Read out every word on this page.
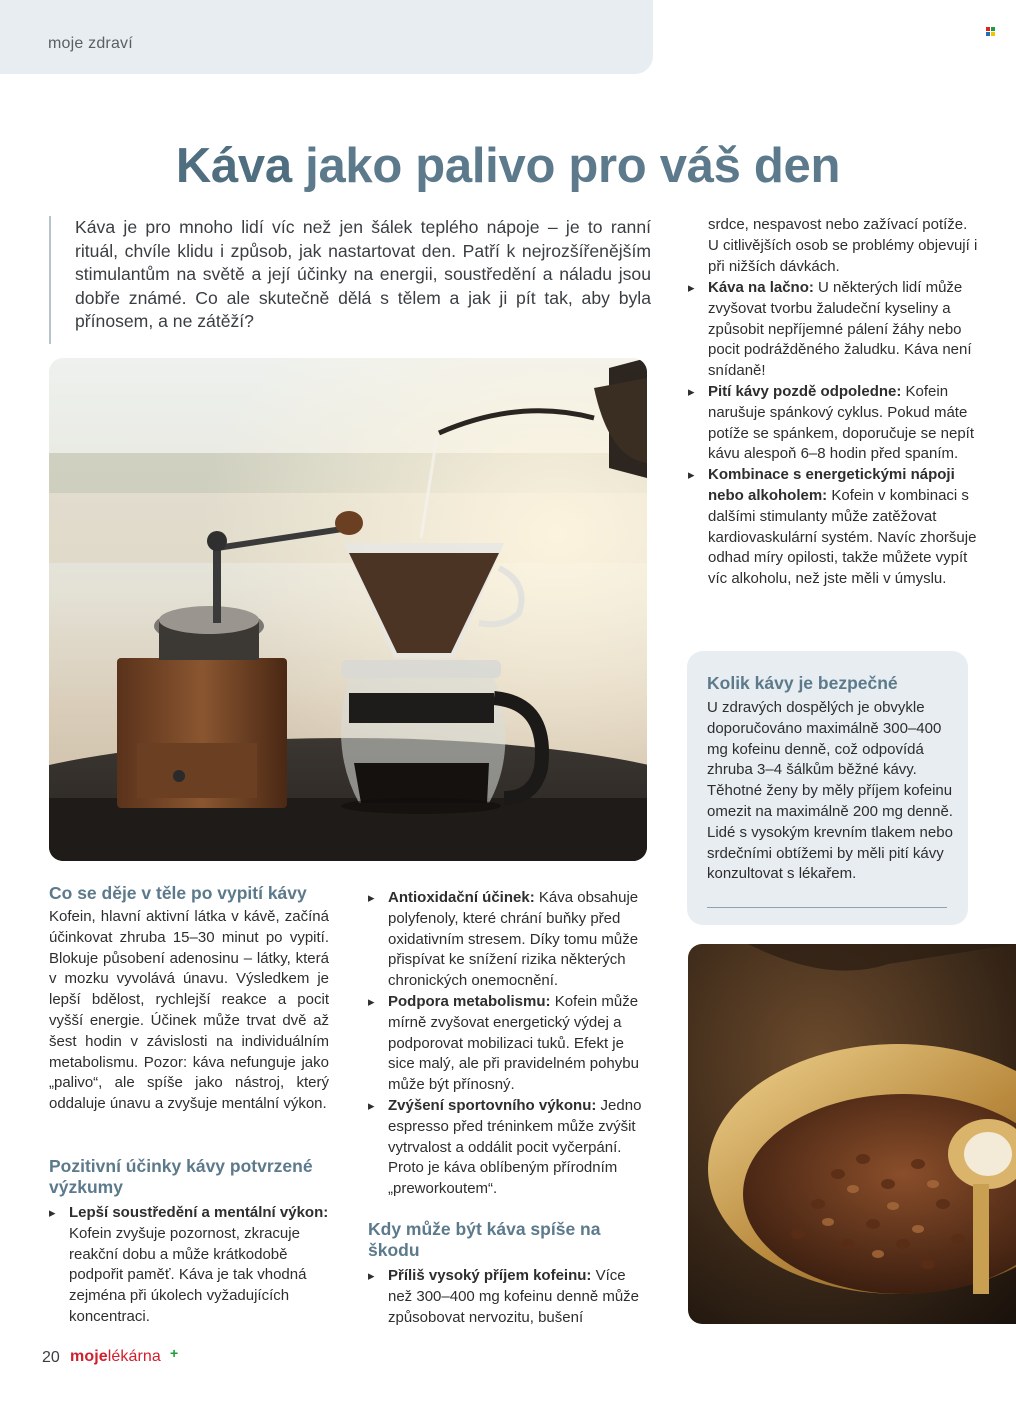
moje zdraví
Káva jako palivo pro váš den

Káva je pro mnoho lidí víc než jen šálek teplého nápoje – je to ranní rituál, chvíle klidu i způsob, jak nastartovat den. Patří k nejrozšířenějším stimulantům na světě a její účinky na energii, soustředění a náladu jsou dobře známé. Co ale skutečně dělá s tělem a jak ji pít tak, aby byla přínosem, a ne zátěží?

Co se děje v těle po vypití kávy

Kofein, hlavní aktivní látka v kávě, začíná účinkovat zhruba 15–30 minut po vypití. Blokuje působení adenosinu – látky, která v mozku vyvolává únavu. Výsledkem je lepší bdělost, rychlejší reakce a pocit vyšší energie. Účinek může trvat dvě až šest hodin v závislosti na individuálním metabolismu. Pozor: káva nefunguje jako „palivo“, ale spíše jako nástroj, který oddaluje únavu a zvyšuje mentální výkon.

Pozitivní účinky kávy potvrzené výzkumy
▸ Lepší soustředění a mentální výkon: Kofein zvyšuje pozornost, zkracuje reakční dobu a může krátkodobě podpořit paměť. Káva je tak vhodná zejména při úkolech vyžadujících koncentraci.
▸ Antioxidační účinek: Káva obsahuje polyfenoly, které chrání buňky před oxidativním stresem. Díky tomu může přispívat ke snížení rizika některých chronických onemocnění.
▸ Podpora metabolismu: Kofein může mírně zvyšovat energetický výdej a podporovat mobilizaci tuků. Efekt je sice malý, ale při pravidelném pohybu může být přínosný.
▸ Zvýšení sportovního výkonu: Jedno espresso před tréninkem může zvýšit vytrvalost a oddálit pocit vyčerpání. Proto je káva oblíbeným přírodním „preworkoutem“.
Kdy může být káva spíše na škodu
▸ Příliš vysoký příjem kofeinu: Více než 300–400 mg kofeinu denně může způsobovat nervozitu, bušení

srdce, nespavost nebo zažívací potíže. U citlivějších osob se problémy objevují i při nižších dávkách.

▸ Káva na lačno: U některých lidí může zvyšovat tvorbu žaludeční kyseliny a způsobit nepříjemné pálení žáhy nebo pocit podrážděného žaludku. Káva není snídaně!
▸ Pití kávy pozdě odpoledne: Kofein narušuje spánkový cyklus. Pokud máte potíže se spánkem, doporučuje se nepít kávu alespoň 6–8 hodin před spaním.
▸ Kombinace s energetickými nápoji nebo alkoholem: Kofein v kombinaci s dalšími stimulanty může zatěžovat kardiovaskulární systém. Navíc zhoršuje odhad míry opilosti, takže můžete vypít víc alkoholu, než jste měli v úmyslu.
Kolik kávy je bezpečné

U zdravých dospělých je obvykle doporučováno maximálně 300–400 mg kofeinu denně, což odpovídá zhruba 3–4 šálkům běžné kávy. Těhotné ženy by měly příjem kofeinu omezit na maximálně 200 mg denně. Lidé s vysokým krevním tlakem nebo srdečními obtížemi by měli pití kávy konzultovat s lékařem.

20 mojelékárna +
